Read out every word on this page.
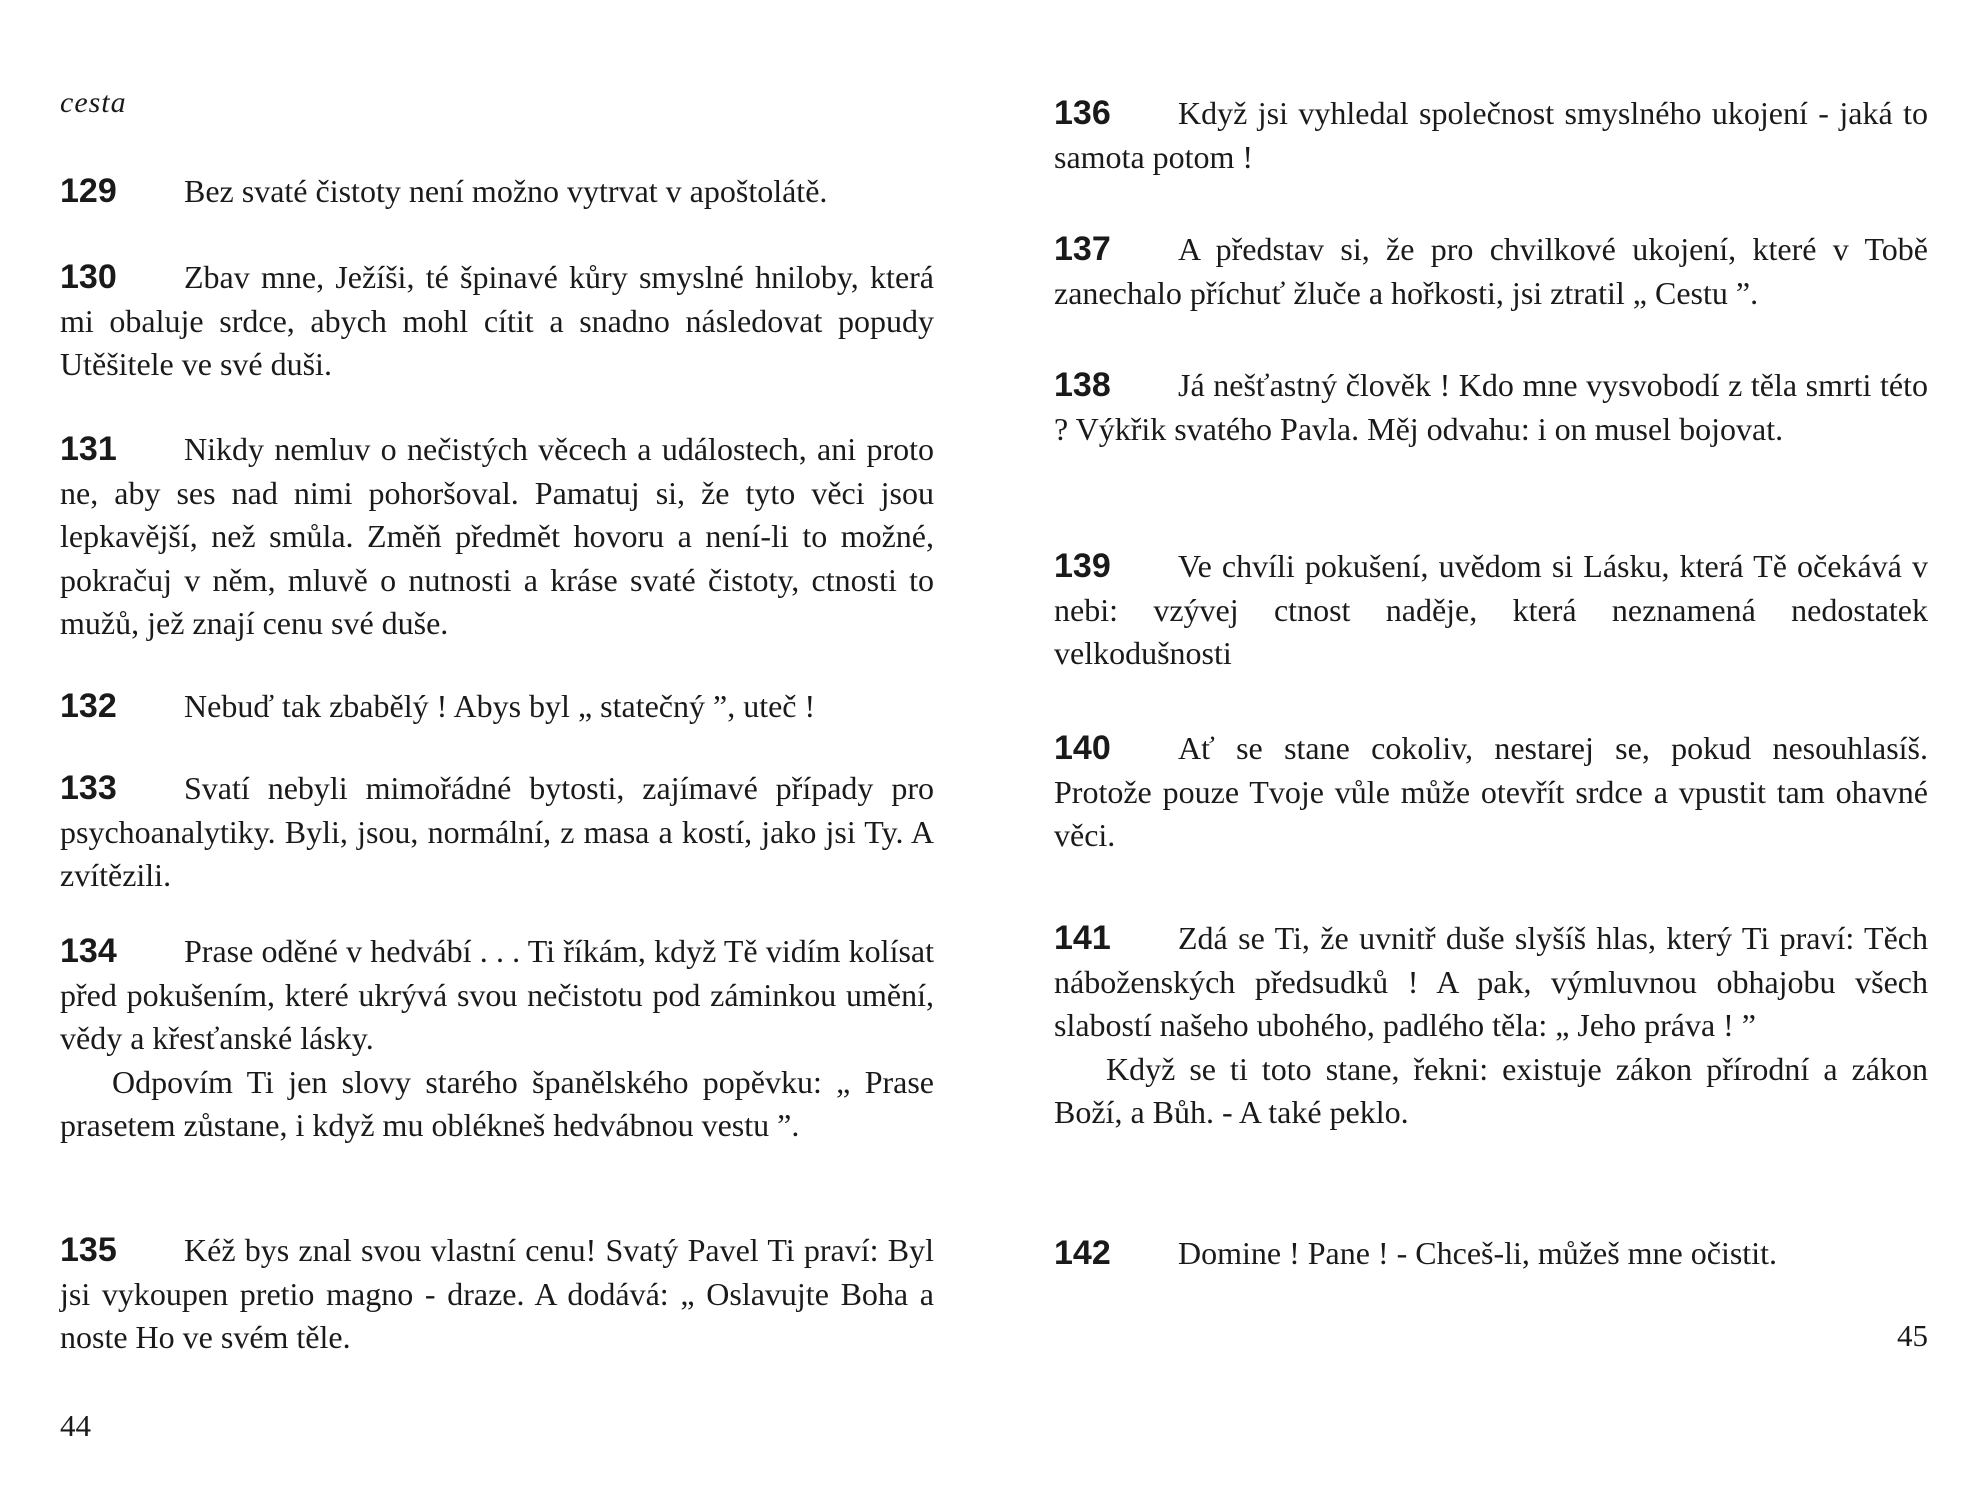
cesta

129 Bez svaté čistoty není možno vytrvat v apoštolátě.

130 Zbav mne, Ježíši, té špinavé kůry smyslné hniloby, která mi obaluje srdce, abych mohl cítit a snadno následovat popudy Utěšitele ve své duši.

131 Nikdy nemluv o nečistých věcech a událostech, ani proto ne, aby ses nad nimi pohoršoval. Pamatuj si, že tyto věci jsou lepkavější, než smůla. Změň předmět hovoru a není-li to možné, pokračuj v něm, mluvě o nutnosti a kráse svaté čistoty, ctnosti to mužů, jež znají cenu své duše.

132 Nebuď tak zbabělý ! Abys byl „ statečný ”, uteč !

133 Svatí nebyli mimořádné bytosti, zajímavé případy pro psychoanalytiky. Byli, jsou, normální, z masa a kostí, jako jsi Ty. A zvítězili.

134 Prase oděné v hedvábí . . . Ti říkám, když Tě vidím kolísat před pokušením, které ukrývá svou nečistotu pod záminkou umění, vědy a křesťanské lásky.

Odpovím Ti jen slovy starého španělského popěvku: „ Prase prasetem zůstane, i když mu oblékneš hedvábnou vestu ”.

135 Kéž bys znal svou vlastní cenu! Svatý Pavel Ti praví: Byl jsi vykoupen pretio magno - draze. A dodává: „ Oslavujte Boha a noste Ho ve svém těle.

44

136 Když jsi vyhledal společnost smyslného ukojení - jaká to samota potom !

137 A představ si, že pro chvilkové ukojení, které v Tobě zanechalo příchuť žluče a hořkosti, jsi ztratil „ Cestu ”.

138 Já nešťastný člověk ! Kdo mne vysvobodí z těla smrti této ? Výkřik svatého Pavla. Měj odvahu: i on musel bojovat.

139 Ve chvíli pokušení, uvědom si Lásku, která Tě očekává v nebi: vzývej ctnost naděje, která neznamená nedostatek velkodušnosti

140 Ať se stane cokoliv, nestarej se, pokud nesouhlasíš. Protože pouze Tvoje vůle může otevřít srdce a vpustit tam ohavné věci.

141 Zdá se Ti, že uvnitř duše slyšíš hlas, který Ti praví: Těch náboženských předsudků ! A pak, výmluvnou obhajobu všech slabostí našeho ubohého, padlého těla: „ Jeho práva ! ”

Když se ti toto stane, řekni: existuje zákon přírodní a zákon Boží, a Bůh. - A také peklo.

142 Domine ! Pane ! - Chceš-li, můžeš mne očistit.

45
